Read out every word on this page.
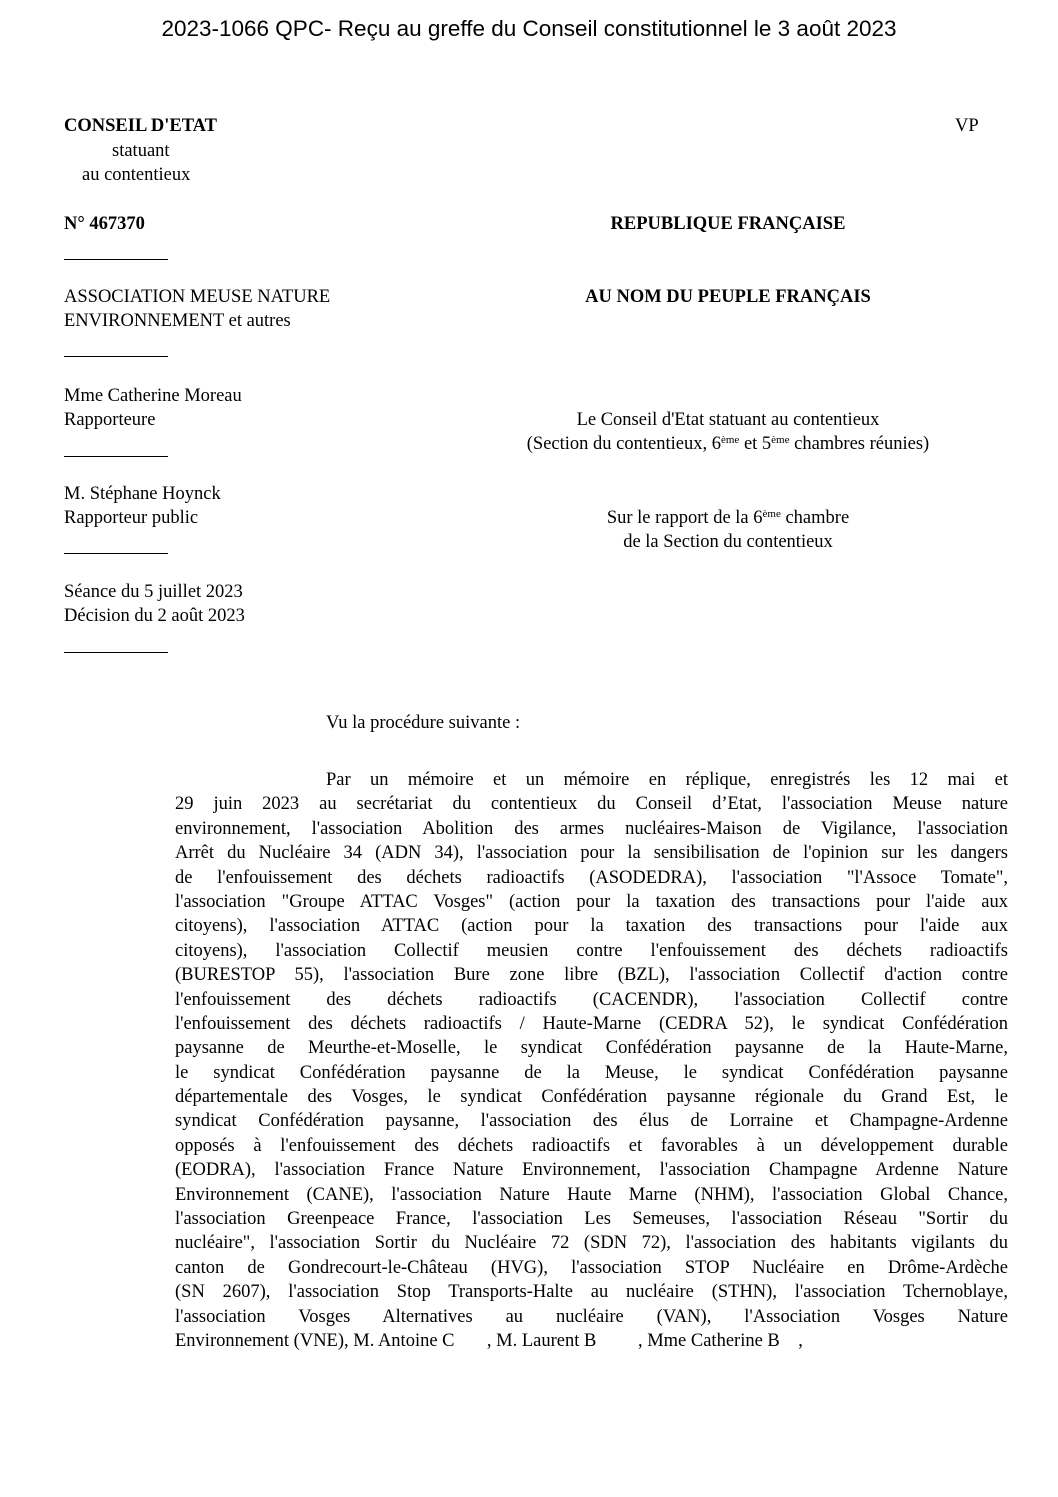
2023-1066 QPC- Reçu au greffe du Conseil constitutionnel le 3 août 2023
CONSEIL D'ETAT
statuant
au contentieux
VP
N° 467370
ASSOCIATION MEUSE NATURE
ENVIRONNEMENT et autres
Mme Catherine Moreau
Rapporteure
M. Stéphane Hoynck
Rapporteur public
Séance du 5 juillet 2023
Décision du 2 août 2023
REPUBLIQUE FRANÇAISE
AU NOM DU PEUPLE FRANÇAIS
Le Conseil d'Etat statuant au contentieux
(Section du contentieux, 6ème et 5ème chambres réunies)
Sur le rapport de la 6ème chambre
de la Section du contentieux
Vu la procédure suivante :
Par un mémoire et un mémoire en réplique, enregistrés les 12 mai et
29 juin 2023 au secrétariat du contentieux du Conseil d’Etat, l'association Meuse nature
environnement, l'association Abolition des armes nucléaires-Maison de Vigilance, l'association
Arrêt du Nucléaire 34 (ADN 34), l'association pour la sensibilisation de l'opinion sur les dangers
de l'enfouissement des déchets radioactifs (ASODEDRA), l'association "l'Assoce Tomate",
l'association "Groupe ATTAC Vosges" (action pour la taxation des transactions pour l'aide aux
citoyens), l'association ATTAC (action pour la taxation des transactions pour l'aide aux
citoyens), l'association Collectif meusien contre l'enfouissement des déchets radioactifs
(BURESTOP 55), l'association Bure zone libre (BZL), l'association Collectif d'action contre
l'enfouissement des déchets radioactifs (CACENDR), l'association Collectif contre
l'enfouissement des déchets radioactifs / Haute-Marne (CEDRA 52), le syndicat Confédération
paysanne de Meurthe-et-Moselle, le syndicat Confédération paysanne de la Haute-Marne,
le syndicat Confédération paysanne de la Meuse, le syndicat Confédération paysanne
départementale des Vosges, le syndicat Confédération paysanne régionale du Grand Est, le
syndicat Confédération paysanne, l'association des élus de Lorraine et Champagne-Ardenne
opposés à l'enfouissement des déchets radioactifs et favorables à un développement durable
(EODRA), l'association France Nature Environnement, l'association Champagne Ardenne Nature
Environnement (CANE), l'association Nature Haute Marne (NHM), l'association Global Chance,
l'association Greenpeace France, l'association Les Semeuses, l'association Réseau "Sortir du
nucléaire", l'association Sortir du Nucléaire 72 (SDN 72), l'association des habitants vigilants du
canton de Gondrecourt-le-Château (HVG), l'association STOP Nucléaire en Drôme-Ardèche
(SN 2607), l'association Stop Transports-Halte au nucléaire (STHN), l'association Tchernoblaye,
l'association Vosges Alternatives au nucléaire (VAN), l'Association Vosges Nature
Environnement (VNE), M. Antoine C       , M. Laurent B         , Mme Catherine B    ,
